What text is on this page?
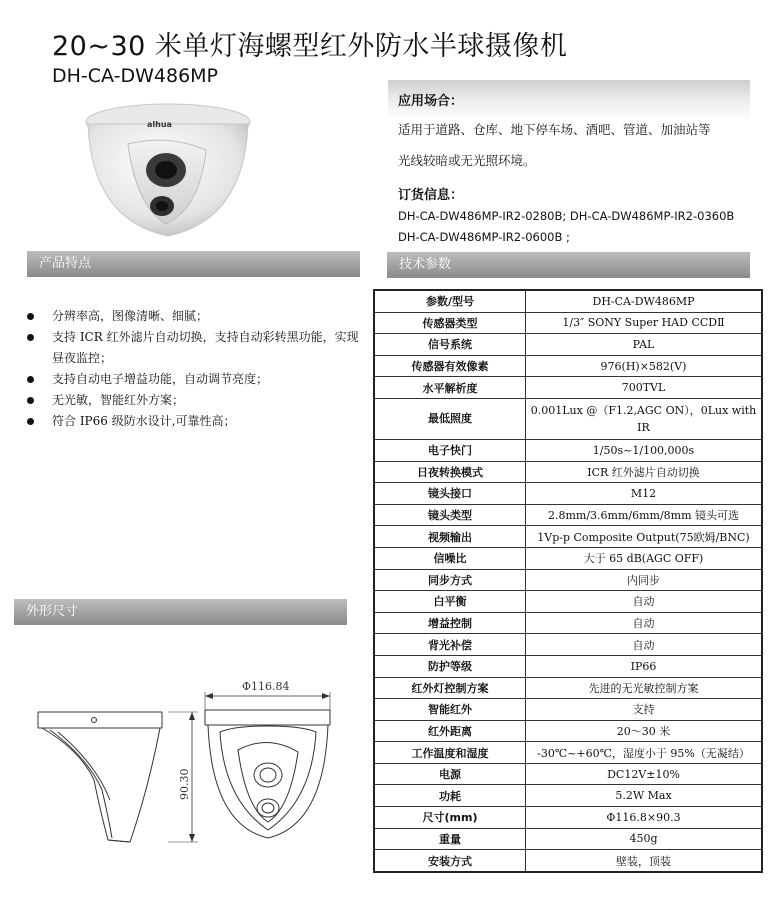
20~30 米单灯海螺型红外防水半球摄像机
DH-CA-DW486MP
alhua
应用场合：
适用于道路、仓库、地下停车场、酒吧、管道、加油站等
光线较暗或无光照环境。
订货信息：
DH-CA-DW486MP-IR2-0280B; DH-CA-DW486MP-IR2-0360B
DH-CA-DW486MP-IR2-0600B ;
产品特点	技术参数
外形尺寸
分辨率高，图像清晰、细腻；
支持 ICR 红外滤片自动切换，支持自动彩转黑功能，实现昼夜监控；
支持自动电子增益功能，自动调节亮度；
无光敏，智能红外方案；
符合 IP66 级防水设计,可靠性高；
参数/型号	DH-CA-DW486MP
传感器类型	1/3″ SONY Super HAD CCDⅡ
信号系统	PAL
传感器有效像素	976(H)×582(V)
水平解析度	700TVL
最低照度	0.001Lux @（F1.2,AGC ON），0Lux with IR
电子快门	1/50s~1/100,000s
日夜转换模式	ICR 红外滤片自动切换
镜头接口	M12
镜头类型	2.8mm/3.6mm/6mm/8mm 镜头可选
视频输出	1Vp-p Composite Output(75欧姆/BNC)
信噪比	大于 65 dB(AGC OFF)
同步方式	内同步
白平衡	自动
增益控制	自动
背光补偿	自动
防护等级	IP66
红外灯控制方案	先进的无光敏控制方案
智能红外	支持
红外距离	20～30 米
工作温度和湿度	-30℃~+60℃，湿度小于 95%（无凝结）
电源	DC12V±10%
功耗	5.2W Max
尺寸(mm)	Φ116.8×90.3
重量	450g
安装方式	壁装，顶装
Φ116.84
90.30
